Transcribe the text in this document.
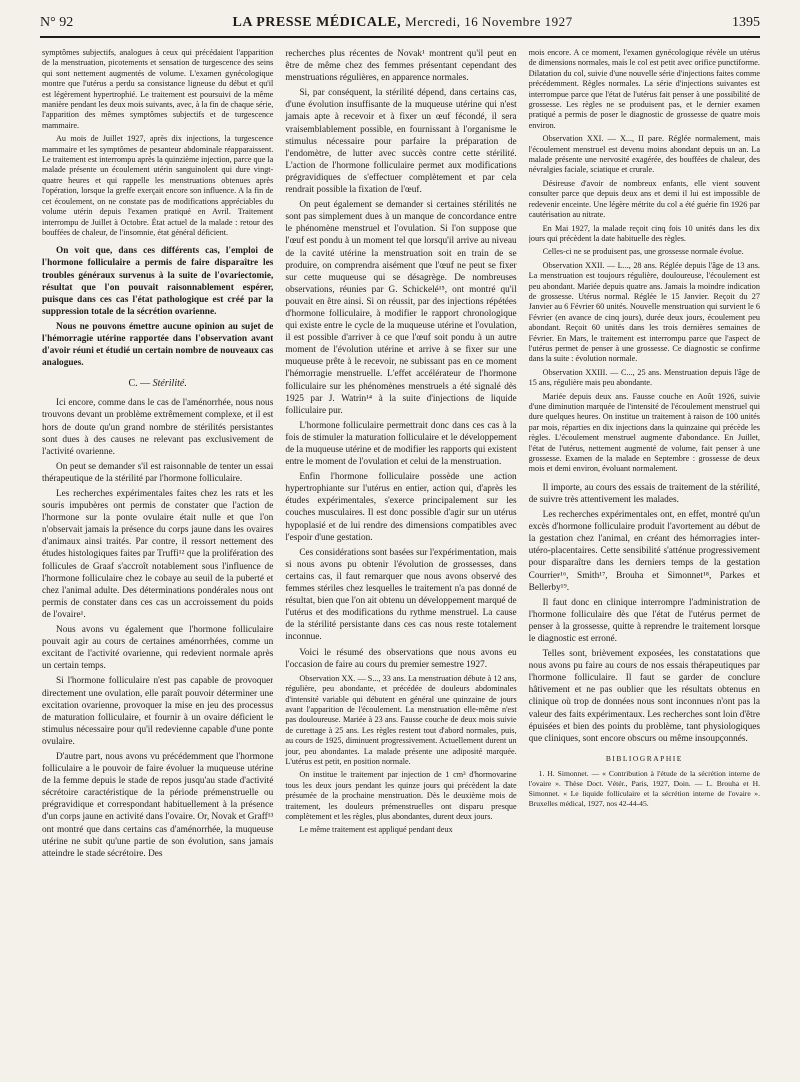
N° 92	LA PRESSE MÉDICALE, Mercredi, 16 Novembre 1927	1395

symptômes subjectifs, analogues à ceux qui précédaient l'apparition de la menstruation, picotements et sensation de turgescence des seins qui sont nettement augmentés de volume. L'examen gynécologique montre que l'utérus a perdu sa consistance ligneuse du début et qu'il est légèrement hypertrophié. Le traitement est poursuivi de la même manière pendant les deux mois suivants, avec, à la fin de chaque série, l'apparition des mêmes symptômes subjectifs et de turgescence mammaire.

Au mois de Juillet 1927, après dix injections, la turgescence mammaire et les symptômes de pesanteur abdominale réapparaissent. Le traitement est interrompu après la quinzième injection, parce que la malade présente un écoulement utérin sanguinolent qui dure vingt-quatre heures et qui rappelle les menstruations obtenues après l'opération, lorsque la greffe exerçait encore son influence. A la fin de cet écoulement, on ne constate pas de modifications appréciables du volume utérin depuis l'examen pratiqué en Avril. Traitement interrompu de Juillet à Octobre. État actuel de la malade : retour des bouffées de chaleur, de l'insomnie, état général déficient.

On voit que, dans ces différents cas, l'emploi de l'hormone folliculaire a permis de faire disparaître les troubles généraux survenus à la suite de l'ovariectomie, résultat que l'on pouvait raisonnablement espérer, puisque dans ces cas l'état pathologique est créé par la suppression totale de la sécrétion ovarienne.

Nous ne pouvons émettre aucune opinion au sujet de l'hémorragie utérine rapportée dans l'observation avant d'avoir réuni et étudié un certain nombre de nouveaux cas analogues.

C. — Stérilité.

Ici encore, comme dans le cas de l'aménorrhée, nous nous trouvons devant un problème extrêmement complexe, et il est hors de doute qu'un grand nombre de stérilités persistantes sont dues à des causes ne relevant pas exclusivement de l'activité ovarienne.

On peut se demander s'il est raisonnable de tenter un essai thérapeutique de la stérilité par l'hormone folliculaire.

Les recherches expérimentales faites chez les rats et les souris impubères ont permis de constater que l'action de l'hormone sur la ponte ovulaire était nulle et que l'on n'observait jamais la présence du corps jaune dans les ovaires d'animaux ainsi traités. Par contre, il ressort nettement des études histologiques faites par Truffi¹² que la prolifération des follicules de Graaf s'accroît notablement sous l'influence de l'hormone folliculaire chez le cobaye au seuil de la puberté et chez l'animal adulte. Des déterminations pondérales nous ont permis de constater dans ces cas un accroissement du poids de l'ovaire¹.

Nous avons vu également que l'hormone folliculaire pouvait agir au cours de certaines aménorrhées, comme un excitant de l'activité ovarienne, qui redevient normale après un certain temps.

Si l'hormone folliculaire n'est pas capable de provoquer directement une ovulation, elle paraît pouvoir déterminer une excitation ovarienne, provoquer la mise en jeu des processus de maturation folliculaire, et fournir à un ovaire déficient le stimulus nécessaire pour qu'il redevienne capable d'une ponte ovulaire.

D'autre part, nous avons vu précédemment que l'hormone folliculaire a le pouvoir de faire évoluer la muqueuse utérine de la femme depuis le stade de repos jusqu'au stade d'activité sécrétoire caractéristique de la période prémenstruelle ou prégravidique et correspondant habituellement à la présence d'un corps jaune en activité dans l'ovaire. Or, Novak et Graff¹³ ont montré que dans certains cas d'aménorrhée, la muqueuse utérine ne subit qu'une partie de son évolution, sans jamais atteindre le stade sécrétoire. Des

recherches plus récentes de Novak¹ montrent qu'il peut en être de même chez des femmes présentant cependant des menstruations régulières, en apparence normales.

Si, par conséquent, la stérilité dépend, dans certains cas, d'une évolution insuffisante de la muqueuse utérine qui n'est jamais apte à recevoir et à fixer un œuf fécondé, il sera vraisemblablement possible, en fournissant à l'organisme le stimulus nécessaire pour parfaire la préparation de l'endomètre, de lutter avec succès contre cette stérilité. L'action de l'hormone folliculaire permet aux modifications prégravidiques de s'effectuer complètement et par cela rendrait possible la fixation de l'œuf.

On peut également se demander si certaines stérilités ne sont pas simplement dues à un manque de concordance entre le phénomène menstruel et l'ovulation. Si l'on suppose que l'œuf est pondu à un moment tel que lorsqu'il arrive au niveau de la cavité utérine la menstruation soit en train de se produire, on comprendra aisément que l'œuf ne peut se fixer sur cette muqueuse qui se désagrège. De nombreuses observations, réunies par G. Schickelé¹⁵, ont montré qu'il pouvait en être ainsi. Si on réussit, par des injections répétées d'hormone folliculaire, à modifier le rapport chronologique qui existe entre le cycle de la muqueuse utérine et l'ovulation, il est possible d'arriver à ce que l'œuf soit pondu à un autre moment de l'évolution utérine et arrive à se fixer sur une muqueuse prête à le recevoir, ne subissant pas en ce moment l'hémorragie menstruelle. L'effet accélérateur de l'hormone folliculaire sur les phénomènes menstruels a été signalé dès 1925 par J. Watrin¹⁴ à la suite d'injections de liquide folliculaire pur.

L'hormone folliculaire permettrait donc dans ces cas à la fois de stimuler la maturation folliculaire et le développement de la muqueuse utérine et de modifier les rapports qui existent entre le moment de l'ovulation et celui de la menstruation.

Enfin l'hormone folliculaire possède une action hypertrophiante sur l'utérus en entier, action qui, d'après les études expérimentales, s'exerce principalement sur les couches musculaires. Il est donc possible d'agir sur un utérus hypoplasié et de lui rendre des dimensions compatibles avec l'espoir d'une gestation.

Ces considérations sont basées sur l'expérimentation, mais si nous avons pu obtenir l'évolution de grossesses, dans certains cas, il faut remarquer que nous avons observé des femmes stériles chez lesquelles le traitement n'a pas donné de résultat, bien que l'on ait obtenu un développement marqué de l'utérus et des modifications du rythme menstruel. La cause de la stérilité persistante dans ces cas nous reste totalement inconnue.

Voici le résumé des observations que nous avons eu l'occasion de faire au cours du premier semestre 1927.

Observation XX. — S..., 33 ans. La menstruation débute à 12 ans, régulière, peu abondante, et précédée de douleurs abdominales d'intensité variable qui débutent en général une quinzaine de jours avant l'apparition de l'écoulement. La menstruation elle-même n'est pas douloureuse. Mariée à 23 ans. Fausse couche de deux mois suivie de curettage à 25 ans. Les règles restent tout d'abord normales, puis, au cours de 1925, diminuent progressivement. Actuellement durent un jour, peu abondantes. La malade présente une adiposité marquée. L'utérus est petit, en position normale.

On institue le traitement par injection de 1 cm³ d'hormovarine tous les deux jours pendant les quinze jours qui précèdent la date présumée de la prochaine menstruation. Dès le deuxième mois de traitement, les douleurs prémenstruelles ont disparu presque complètement et les règles, plus abondantes, durent deux jours.

Le même traitement est appliqué pendant deux

mois encore. A ce moment, l'examen gynécologique révèle un utérus de dimensions normales, mais le col est petit avec orifice punctiforme. Dilatation du col, suivie d'une nouvelle série d'injections faites comme précédemment. Règles normales. La série d'injections suivantes est interrompue parce que l'état de l'utérus fait penser à une possibilité de grossesse. Les règles ne se produisent pas, et le dernier examen pratiqué a permis de poser le diagnostic de grossesse de quatre mois environ.

Observation XXI. — X..., II pare. Réglée normalement, mais l'écoulement menstruel est devenu moins abondant depuis un an. La malade présente une nervosité exagérée, des bouffées de chaleur, des névralgies faciale, sciatique et crurale.

Désireuse d'avoir de nombreux enfants, elle vient souvent consulter parce que depuis deux ans et demi il lui est impossible de redevenir enceinte. Une légère métrite du col a été guérie fin 1926 par cautérisation au nitrate.

En Mai 1927, la malade reçoit cinq fois 10 unités dans les dix jours qui précèdent la date habituelle des règles.

Celles-ci ne se produisent pas, une grossesse normale évolue.

Observation XXII. — L..., 28 ans. Réglée depuis l'âge de 13 ans. La menstruation est toujours régulière, douloureuse, l'écoulement est peu abondant. Mariée depuis quatre ans. Jamais la moindre indication de grossesse. Utérus normal. Réglée le 15 Janvier. Reçoit du 27 Janvier au 6 Février 60 unités. Nouvelle menstruation qui survient le 6 Février (en avance de cinq jours), durée deux jours, écoulement peu abondant. Reçoit 60 unités dans les trois dernières semaines de Février. En Mars, le traitement est interrompu parce que l'aspect de l'utérus permet de penser à une grossesse. Ce diagnostic se confirme dans la suite : évolution normale.

Observation XXIII. — C..., 25 ans. Menstruation depuis l'âge de 15 ans, régulière mais peu abondante.

Mariée depuis deux ans. Fausse couche en Août 1926, suivie d'une diminution marquée de l'intensité de l'écoulement menstruel qui dure quelques heures. On institue un traitement à raison de 100 unités par mois, réparties en dix injections dans la quinzaine qui précède les règles. L'écoulement menstruel augmente d'abondance. En Juillet, l'état de l'utérus, nettement augmenté de volume, fait penser à une grossesse. Examen de la malade en Septembre : grossesse de deux mois et demi environ, évoluant normalement.

Il importe, au cours des essais de traitement de la stérilité, de suivre très attentivement les malades.

Les recherches expérimentales ont, en effet, montré qu'un excès d'hormone folliculaire produit l'avortement au début de la gestation chez l'animal, en créant des hémorragies inter-utéro-placentaires. Cette sensibilité s'atténue progressivement pour disparaître dans les derniers temps de la gestation Courrier¹⁶, Smith¹⁷, Brouha et Simonnet¹⁸, Parkes et Bellerby¹⁹.

Il faut donc en clinique interrompre l'administration de l'hormone folliculaire dès que l'état de l'utérus permet de penser à la grossesse, quitte à reprendre le traitement lorsque le diagnostic est erroné.

Telles sont, brièvement exposées, les constatations que nous avons pu faire au cours de nos essais thérapeutiques par l'hormone folliculaire. Il faut se garder de conclure hâtivement et ne pas oublier que les résultats obtenus en clinique où trop de données nous sont inconnues n'ont pas la valeur des faits expérimentaux. Les recherches sont loin d'être épuisées et bien des points du problème, tant physiologiques que cliniques, sont encore obscurs ou même insoupçonnés.

BIBLIOGRAPHIE

1. H. Simonnet. — « Contribution à l'étude de la sécrétion interne de l'ovaire ». Thèse Doct. Vétér., Paris, 1927, Doin. — L. Brouha et H. Simonnet. « Le liquide folliculaire et la sécrétion interne de l'ovaire ». Bruxelles médical, 1927, nos 42-44-45.
